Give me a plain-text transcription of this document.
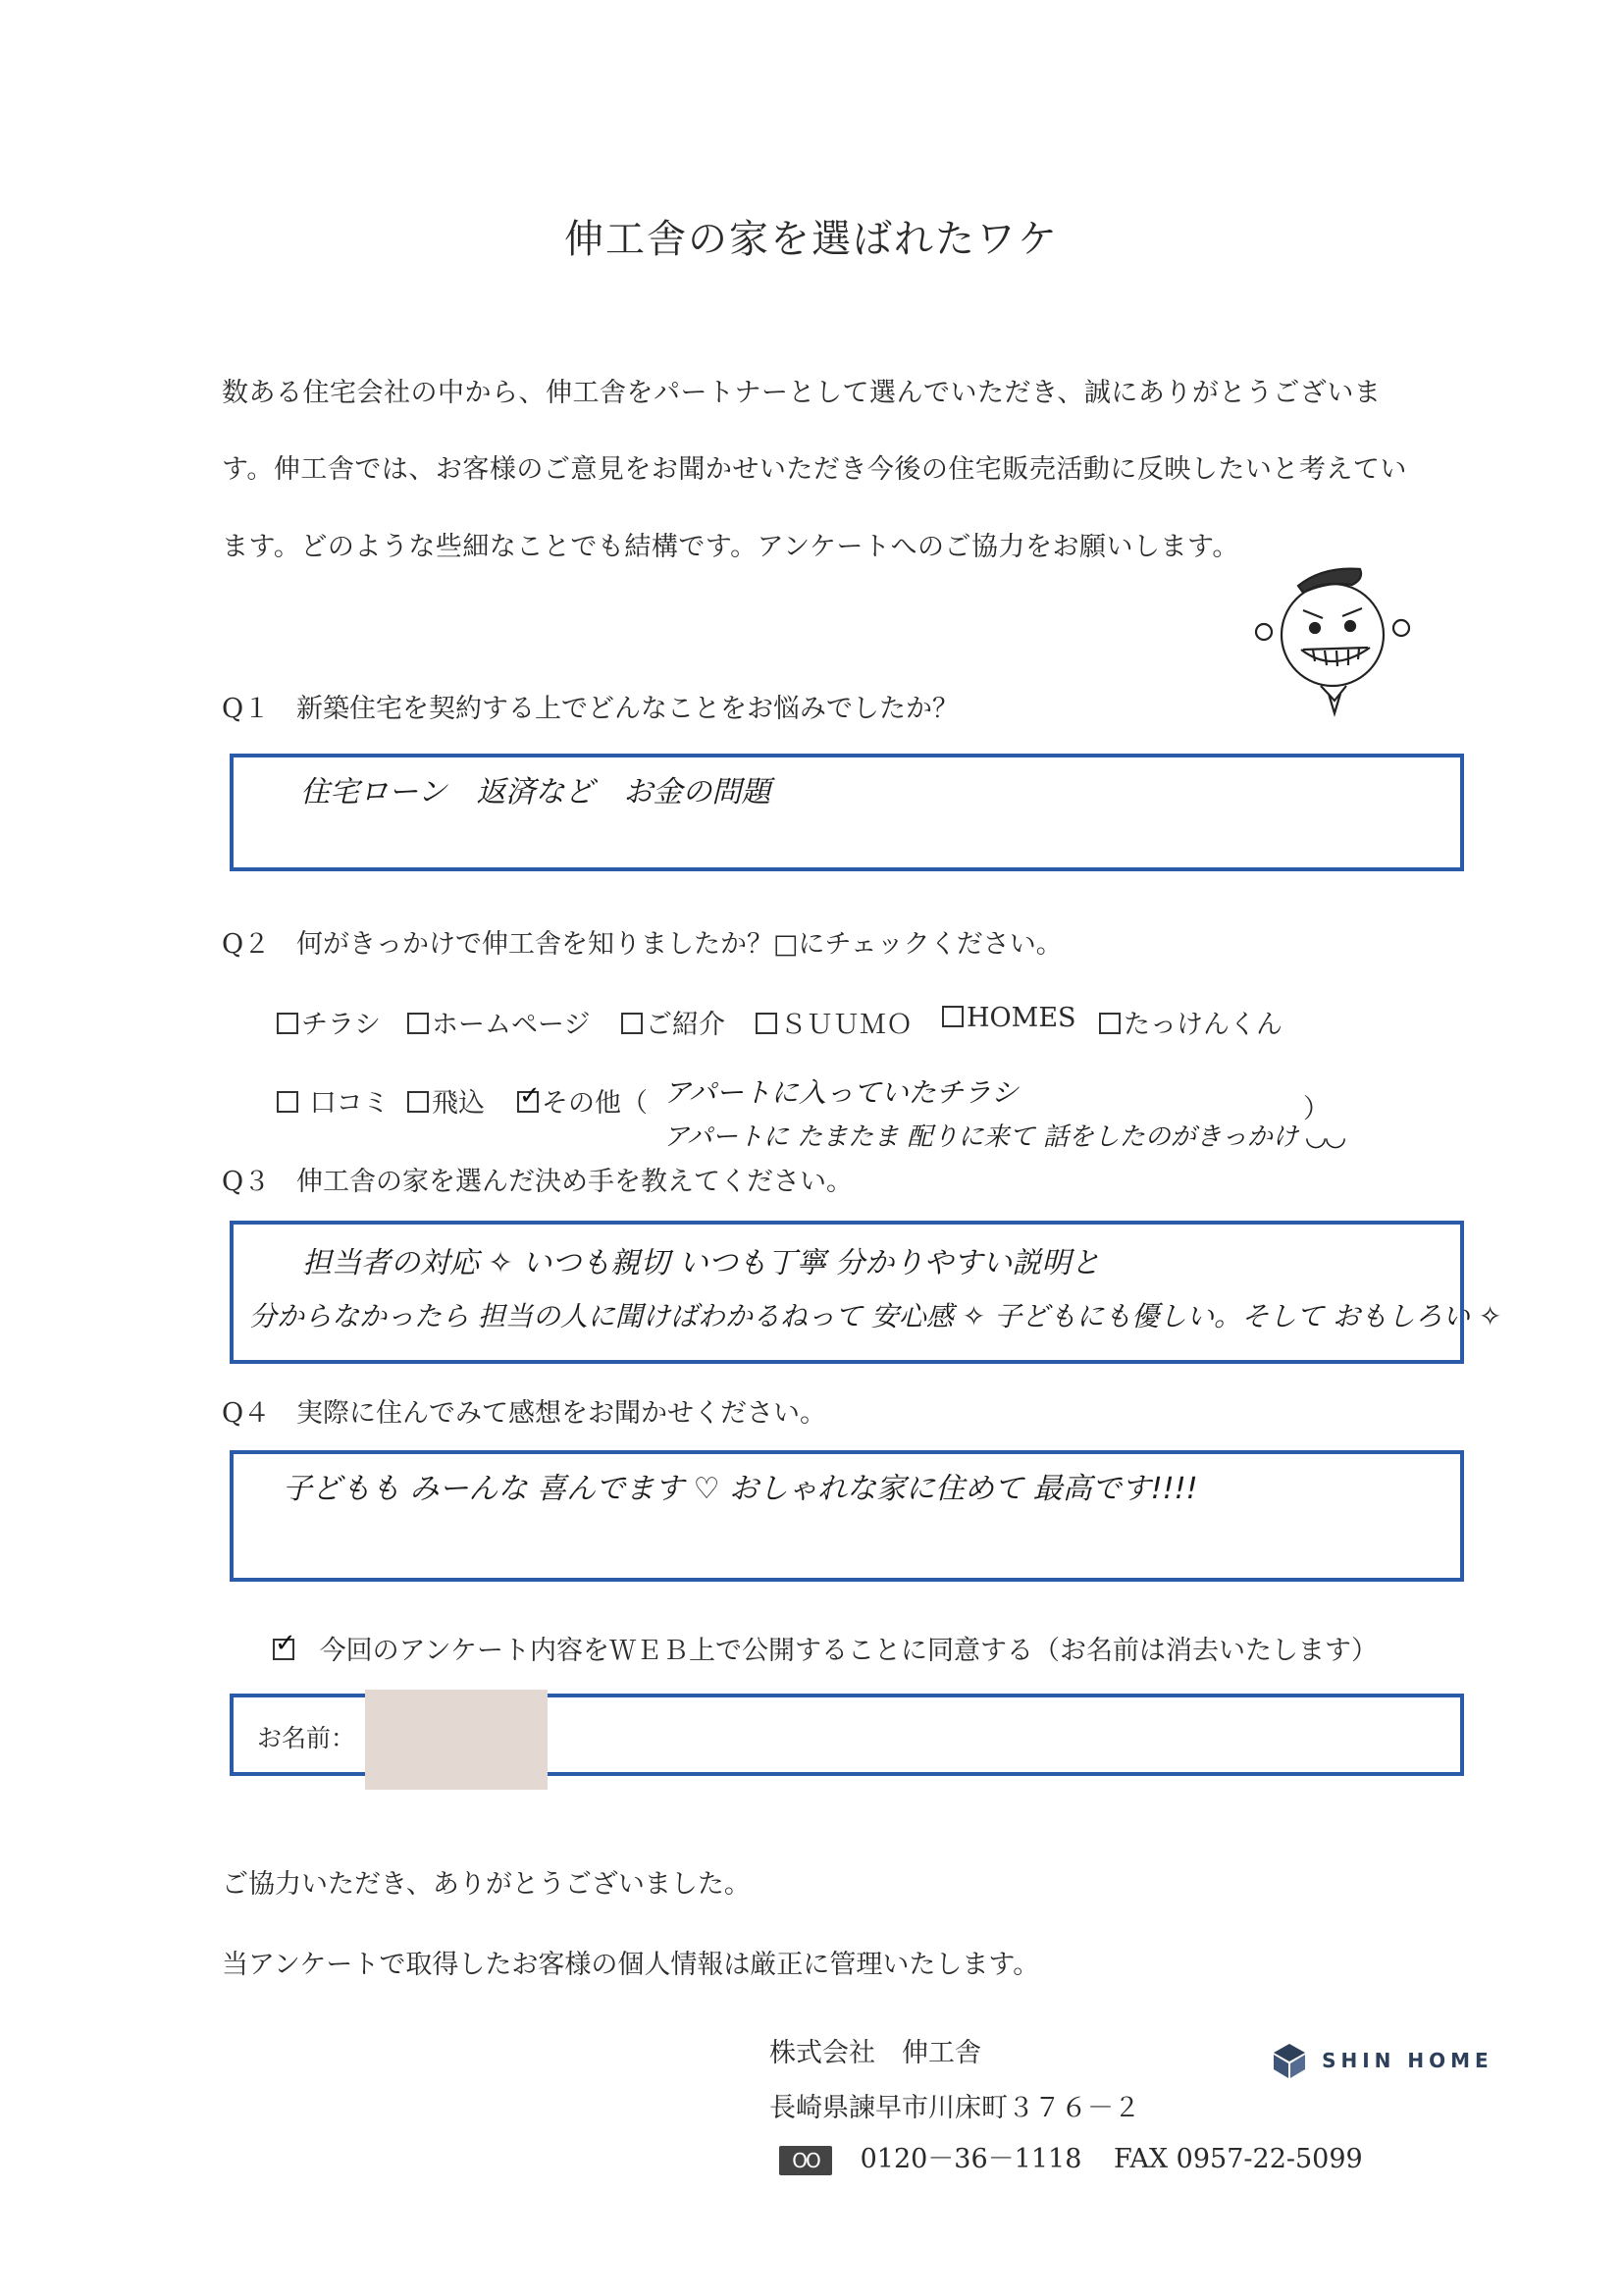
伸工舎の家を選ばれたワケ
数ある住宅会社の中から、伸工舎をパートナーとして選んでいただき、誠にありがとうございま
す。伸工舎では、お客様のご意見をお聞かせいただき今後の住宅販売活動に反映したいと考えてい
ます。どのような些細なことでも結構です。アンケートへのご協力をお願いします。
Q１ 新築住宅を契約する上でどんなことをお悩みでしたか？
住宅ローン　返済など　お金の問題
Q２ 何がきっかけで伸工舎を知りましたか？□にチェックください。
チラシ	ホームページ	ご紹介	ＳＵＵＭＯ	HOMES	たっけんくん
口コミ	飛込
✓	その他（ アパートに入っていたチラシ
）
アパートに たまたま 配りに来て 話をしたのがきっかけ ◡◡
Q３ 伸工舎の家を選んだ決め手を教えてください。
担当者の対応 ✧ いつも親切 いつも丁寧 分かりやすい説明と
分からなかったら 担当の人に聞けばわかるねって 安心感 ✧ 子どもにも優しい。そして おもしろい ✧
Q４ 実際に住んでみて感想をお聞かせください。
子どもも みーんな 喜んでます ♡ おしゃれな家に住めて 最高です!!!!
✓ 今回のアンケート内容をＷＥＢ上で公開することに同意する（お名前は消去いたします）
お名前：
ご協力いただき、ありがとうございました。
当アンケートで取得したお客様の個人情報は厳正に管理いたします。
株式会社　伸工舎
長崎県諫早市川床町３７６－２
ОО 0120－36－1118 FAX 0957-22-5099
SHIN HOME
